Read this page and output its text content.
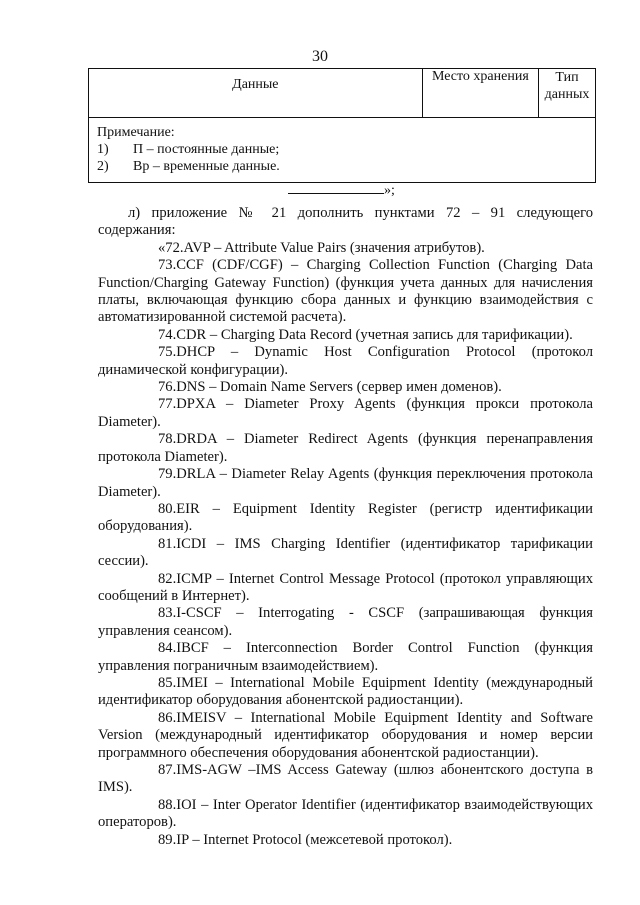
30
Данные	Место хранения	Тип
данных

Примечание:
1)	П – постоянные данные;
2)	Вр – временные данные.
»;

л) приложение № 21 дополнить пунктами 72 – 91 следующего содержания:

«72.AVP – Attribute Value Pairs (значения атрибутов).

73.CCF (CDF/CGF) – Charging Collection Function (Charging Data Function/Charging Gateway Function) (функция учета данных для начисления платы, включающая функцию сбора данных и функцию взаимодействия с автоматизированной системой расчета).

74.CDR – Charging Data Record (учетная запись для тарификации).

75.DHCP – Dynamic Host Configuration Protocol (протокол динамической конфигурации).

76.DNS – Domain Name Servers (сервер имен доменов).

77.DPXA – Diameter Proxy Agents (функция прокси протокола Diameter).

78.DRDA – Diameter Redirect Agents (функция перенаправления протокола Diameter).

79.DRLA – Diameter Relay Agents (функция переключения протокола Diameter).

80.EIR – Equipment Identity Register (регистр идентификации оборудования).

81.ICDI – IMS Charging Identifier (идентификатор тарификации сессии).

82.ICMP – Internet Control Message Protocol (протокол управляющих сообщений в Интернет).

83.I-CSCF – Interrogating - CSCF (запрашивающая функция управления сеансом).

84.IBCF – Interconnection Border Control Function (функция управления пограничным взаимодействием).

85.IMEI – International Mobile Equipment Identity (международный идентификатор оборудования абонентской радиостанции).

86.IMEISV – International Mobile Equipment Identity and Software Version (международный идентификатор оборудования и номер версии программного обеспечения оборудования абонентской радиостанции).

87.IMS-AGW –IMS Access Gateway (шлюз абонентского доступа в IMS).

88.IOI – Inter Operator Identifier (идентификатор взаимодействующих операторов).

89.IP – Internet Protocol (межсетевой протокол).
